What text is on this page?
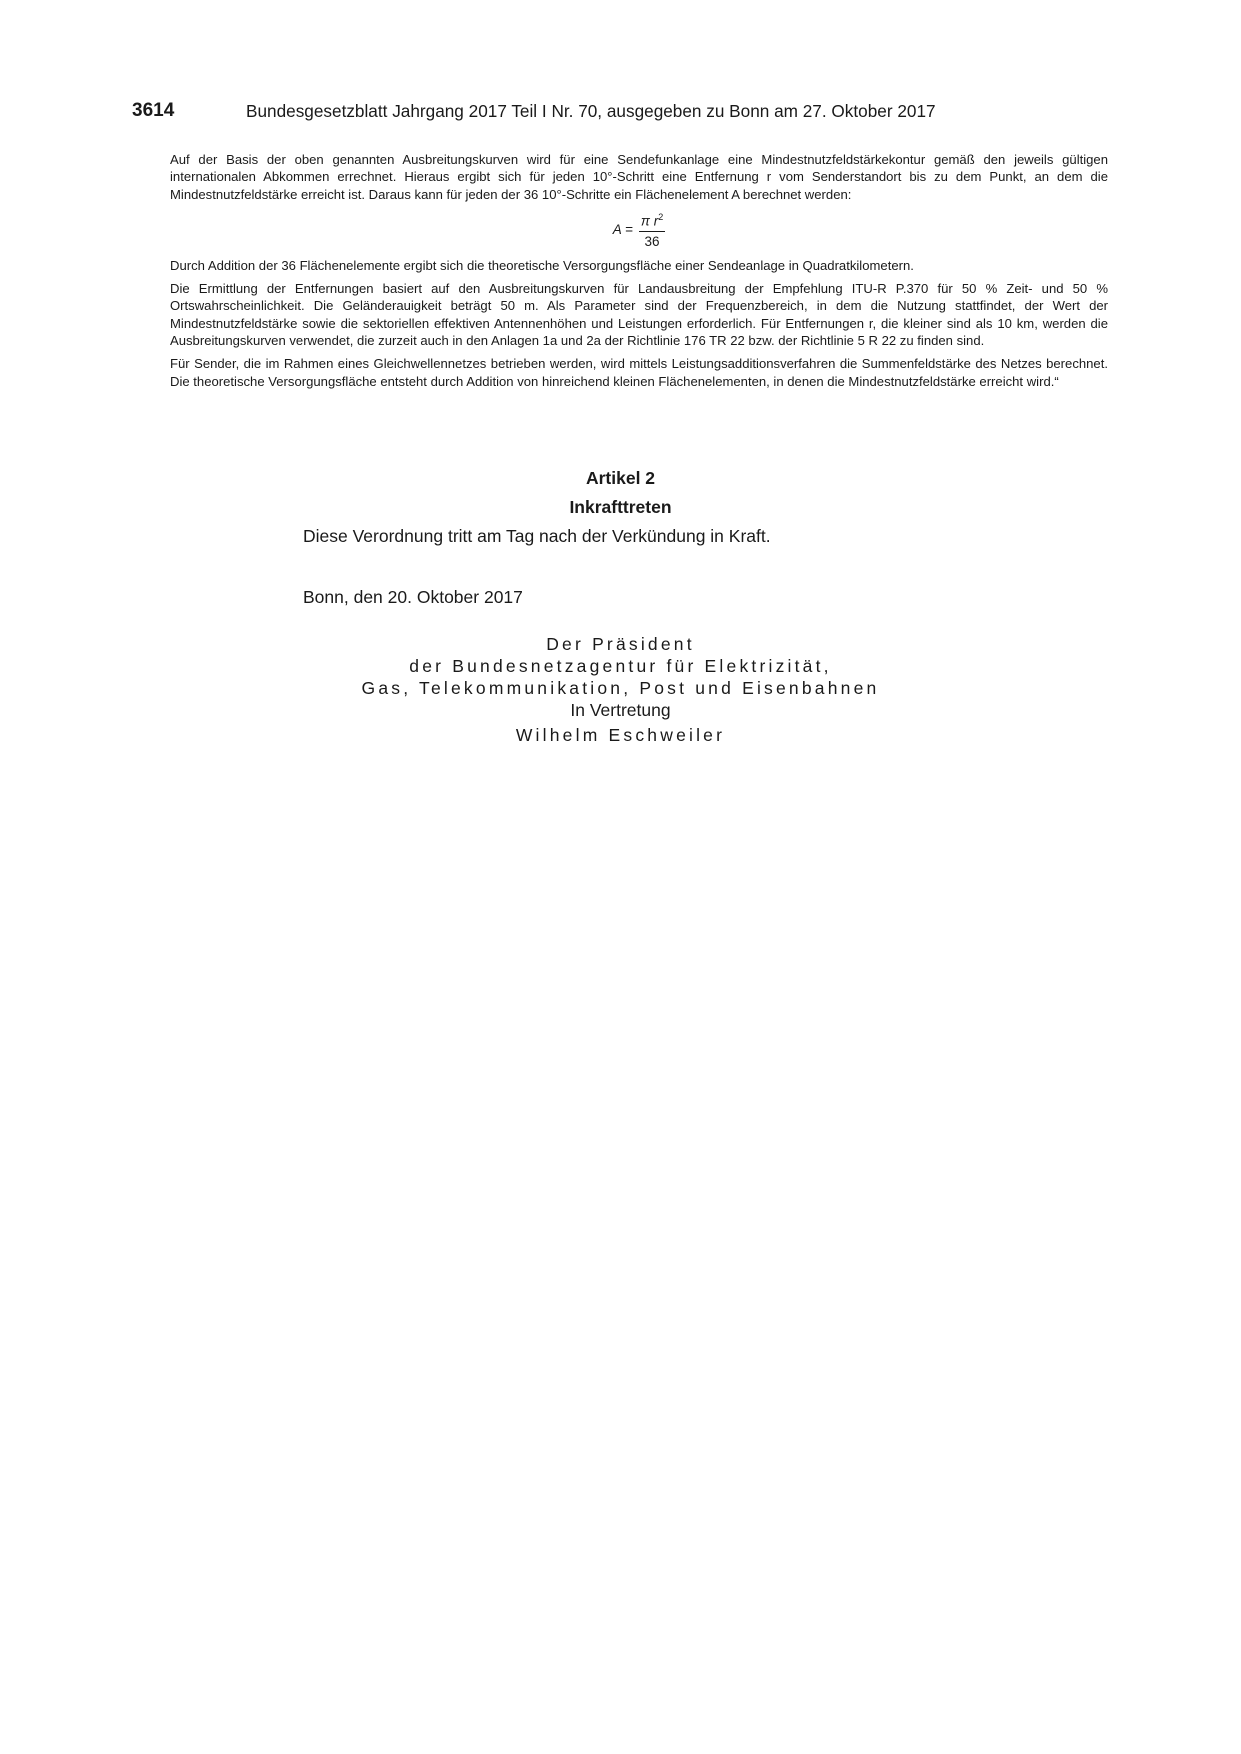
3614	Bundesgesetzblatt Jahrgang 2017 Teil I Nr. 70, ausgegeben zu Bonn am 27. Oktober 2017

Auf der Basis der oben genannten Ausbreitungskurven wird für eine Sendefunkanlage eine Mindestnutzfeldstärkekontur gemäß den jeweils gültigen internationalen Abkommen errechnet. Hieraus ergibt sich für jeden 10°-Schritt eine Entfernung r vom Senderstandort bis zu dem Punkt, an dem die Mindestnutzfeldstärke erreicht ist. Daraus kann für jeden der 36 10°-Schritte ein Flächenelement A berechnet werden:

$A = \frac{\pi r^2}{36}$

Durch Addition der 36 Flächenelemente ergibt sich die theoretische Versorgungsfläche einer Sendeanlage in Quadratkilometern.

Die Ermittlung der Entfernungen basiert auf den Ausbreitungskurven für Landausbreitung der Empfehlung ITU-R P.370 für 50 % Zeit- und 50 % Ortswahrscheinlichkeit. Die Geländerauigkeit beträgt 50 m. Als Parameter sind der Frequenzbereich, in dem die Nutzung stattfindet, der Wert der Mindestnutzfeldstärke sowie die sektoriellen effektiven Antennenhöhen und Leistungen erforderlich. Für Entfernungen r, die kleiner sind als 10 km, werden die Ausbreitungskurven verwendet, die zurzeit auch in den Anlagen 1a und 2a der Richtlinie 176 TR 22 bzw. der Richtlinie 5 R 22 zu finden sind.

Für Sender, die im Rahmen eines Gleichwellennetzes betrieben werden, wird mittels Leistungsadditionsverfahren die Summenfeldstärke des Netzes berechnet. Die theoretische Versorgungsfläche entsteht durch Addition von hinreichend kleinen Flächenelementen, in denen die Mindestnutzfeldstärke erreicht wird.“

Artikel 2
Inkrafttreten
Diese Verordnung tritt am Tag nach der Verkündung in Kraft.
Bonn, den 20. Oktober 2017
Der Präsident
der Bundesnetzagentur für Elektrizität,
Gas, Telekommunikation, Post und Eisenbahnen
In Vertretung
Wilhelm Eschweiler
